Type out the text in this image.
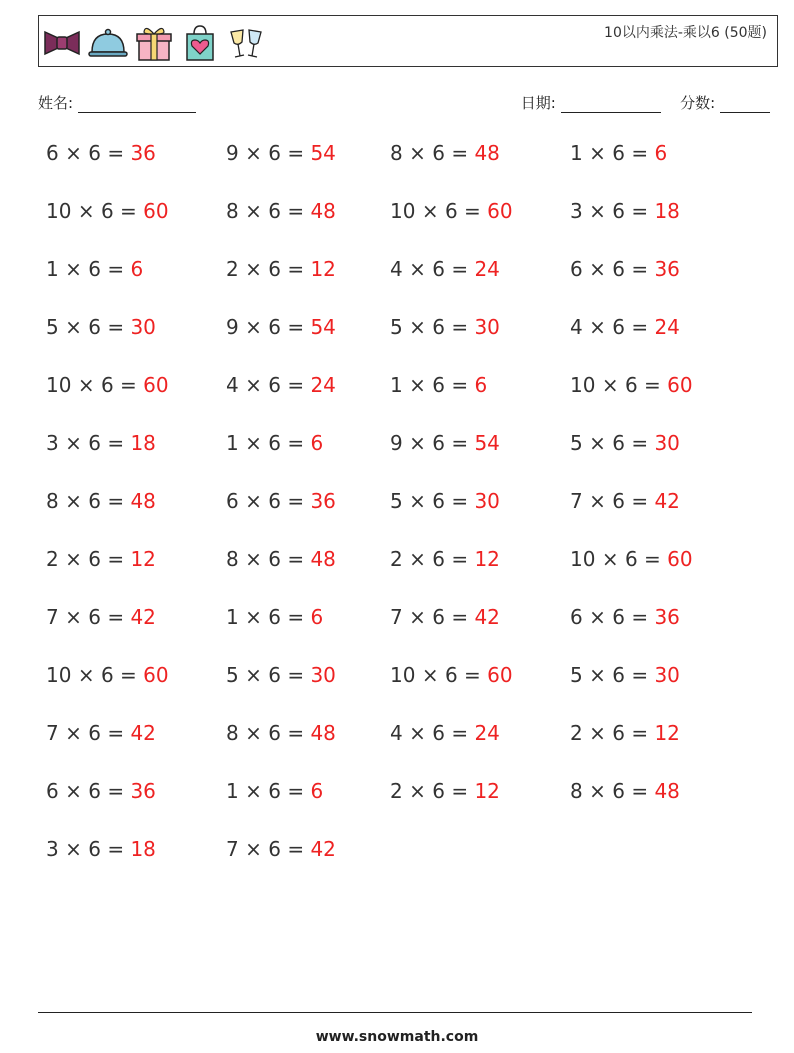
10以内乘法-乘以6 (50题)
姓名:	日期:	分数:
6 × 6 = 36	9 × 6 = 54	8 × 6 = 48	1 × 6 = 6
10 × 6 = 60	8 × 6 = 48	10 × 6 = 60	3 × 6 = 18
1 × 6 = 6	2 × 6 = 12	4 × 6 = 24	6 × 6 = 36
5 × 6 = 30	9 × 6 = 54	5 × 6 = 30	4 × 6 = 24
10 × 6 = 60	4 × 6 = 24	1 × 6 = 6	10 × 6 = 60
3 × 6 = 18	1 × 6 = 6	9 × 6 = 54	5 × 6 = 30
8 × 6 = 48	6 × 6 = 36	5 × 6 = 30	7 × 6 = 42
2 × 6 = 12	8 × 6 = 48	2 × 6 = 12	10 × 6 = 60
7 × 6 = 42	1 × 6 = 6	7 × 6 = 42	6 × 6 = 36
10 × 6 = 60	5 × 6 = 30	10 × 6 = 60	5 × 6 = 30
7 × 6 = 42	8 × 6 = 48	4 × 6 = 24	2 × 6 = 12
6 × 6 = 36	1 × 6 = 6	2 × 6 = 12	8 × 6 = 48
3 × 6 = 18	7 × 6 = 42
www.snowmath.com
